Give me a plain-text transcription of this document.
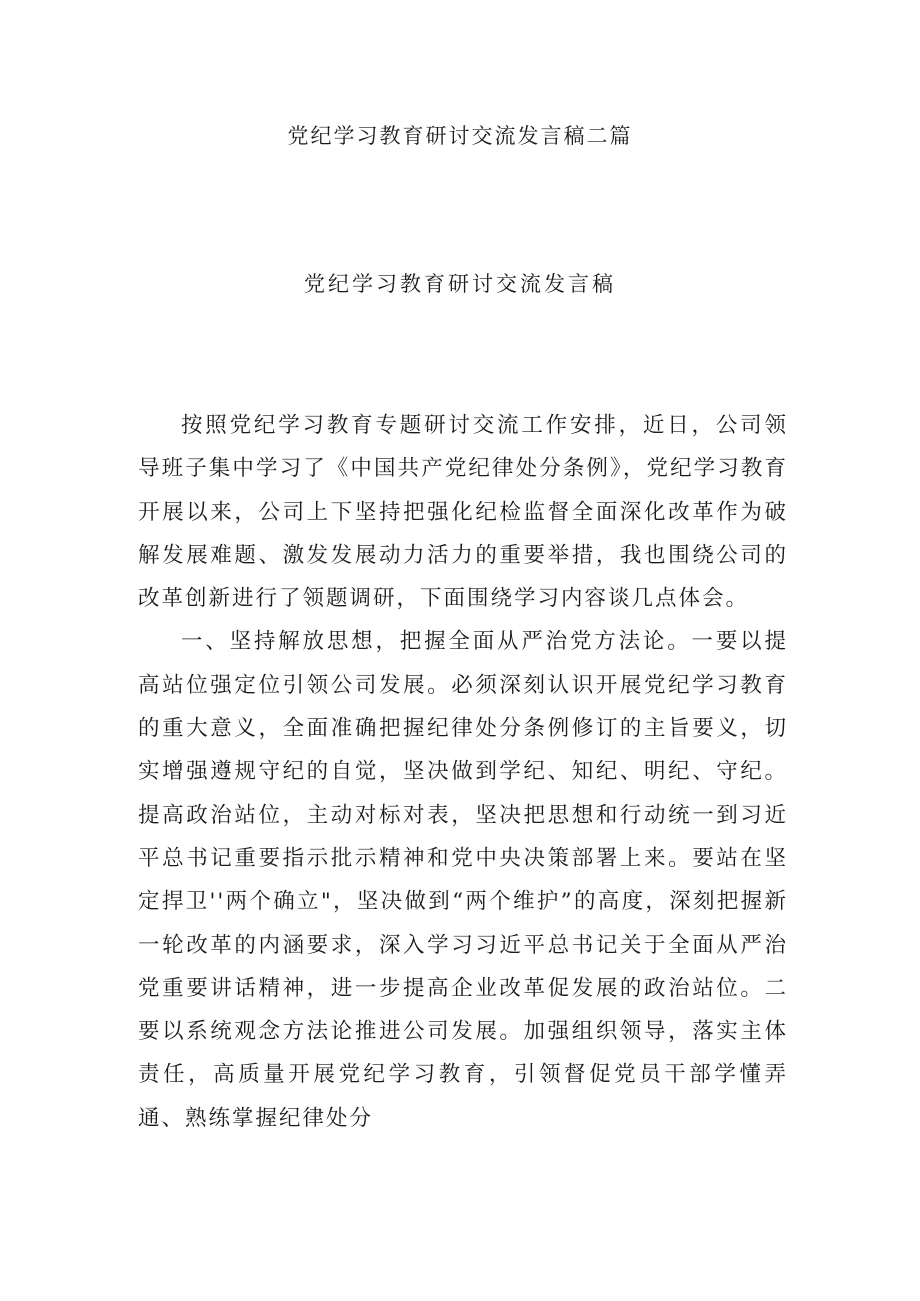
党纪学习教育研讨交流发言稿二篇
党纪学习教育研讨交流发言稿

按照党纪学习教育专题研讨交流工作安排，近日，公司领导班子集中学习了《中国共产党纪律处分条例》，党纪学习教育开展以来，公司上下坚持把强化纪检监督全面深化改革作为破解发展难题、激发发展动力活力的重要举措，我也围绕公司的改革创新进行了领题调研，下面围绕学习内容谈几点体会。

一、坚持解放思想，把握全面从严治党方法论。一要以提高站位强定位引领公司发展。必须深刻认识开展党纪学习教育的重大意义，全面准确把握纪律处分条例修订的主旨要义，切实增强遵规守纪的自觉，坚决做到学纪、知纪、明纪、守纪。提高政治站位，主动对标对表，坚决把思想和行动统一到习近平总书记重要指示批示精神和党中央决策部署上来。要站在坚定捍卫''两个确立"，坚决做到“两个维护”的高度，深刻把握新一轮改革的内涵要求，深入学习习近平总书记关于全面从严治党重要讲话精神，进一步提高企业改革促发展的政治站位。二要以系统观念方法论推进公司发展。加强组织领导，落实主体责任，高质量开展党纪学习教育，引领督促党员干部学懂弄通、熟练掌握纪律处分
